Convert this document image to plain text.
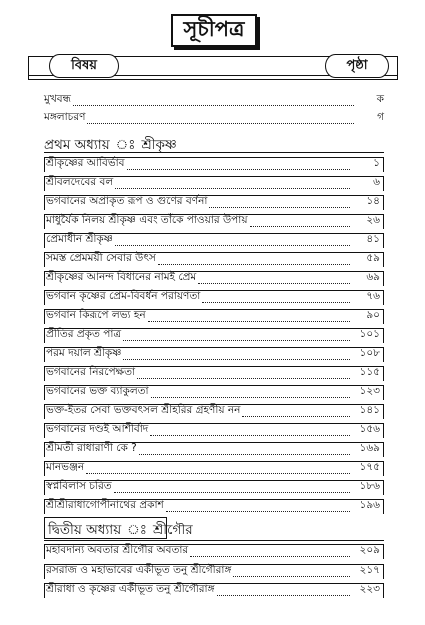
সূচীপত্র
বিষয়	পৃষ্ঠা
মুখবন্ধ	ক
মঙ্গলাচরণ	গ
প্রথম অধ্যায় ঃ শ্রীকৃষ্ণ
শ্রীকৃষ্ণের আবির্ভাব	১
শ্রীবলদেবের বল	৬
ভগবানের অপ্রাকৃত রূপ ও গুণের বর্ণনা	১৪
মাধুর্যৈক নিলয় শ্রীকৃষ্ণ এবং তাঁকে পাওয়ার উপায়	২৬
প্রেমাধীন শ্রীকৃষ্ণ	৪১
সমস্ত প্রেমময়ী সেবার উৎস	৫৯
শ্রীকৃষ্ণের আনন্দ বিধানের নামই প্রেম	৬৯
ভগবান কৃষ্ণের প্রেম-বিবর্ধন পরায়ণতা	৭৬
ভগবান কিরূপে লভ্য হন	৯০
প্রীতির প্রকৃত পাত্র	১০১
পরম দয়াল শ্রীকৃষ্ণ	১০৮
ভগবানের নিরপেক্ষতা	১১৫
ভগবানের ভক্ত ব্যাকুলতা	১২৩
ভক্ত-ইতর সেবা ভক্তবৎসল শ্রীহরির গ্রহণীয় নন	১৪১
ভগবানের দণ্ডই আশীর্বাদ	১৫৬
শ্রীমতী রাধারাণী কে ?	১৬৯
মানভঞ্জন	১৭৫
স্বপ্নবিলাস চরিত	১৮৬
শ্রীশ্রীরাধাগোপীনাথের প্রকাশ	১৯৬
দ্বিতীয় অধ্যায় ঃ শ্রীগৌর
মহাবদান্য অবতার শ্রীগৌর অবতার	২০৯
রসরাজ ও মহাভাবের একীভূত তনু শ্রীগৌরাঙ্গ	২১৭
শ্রীরাধা ও কৃষ্ণের একীভূত তনু শ্রীগৌরাঙ্গ	২২৩
